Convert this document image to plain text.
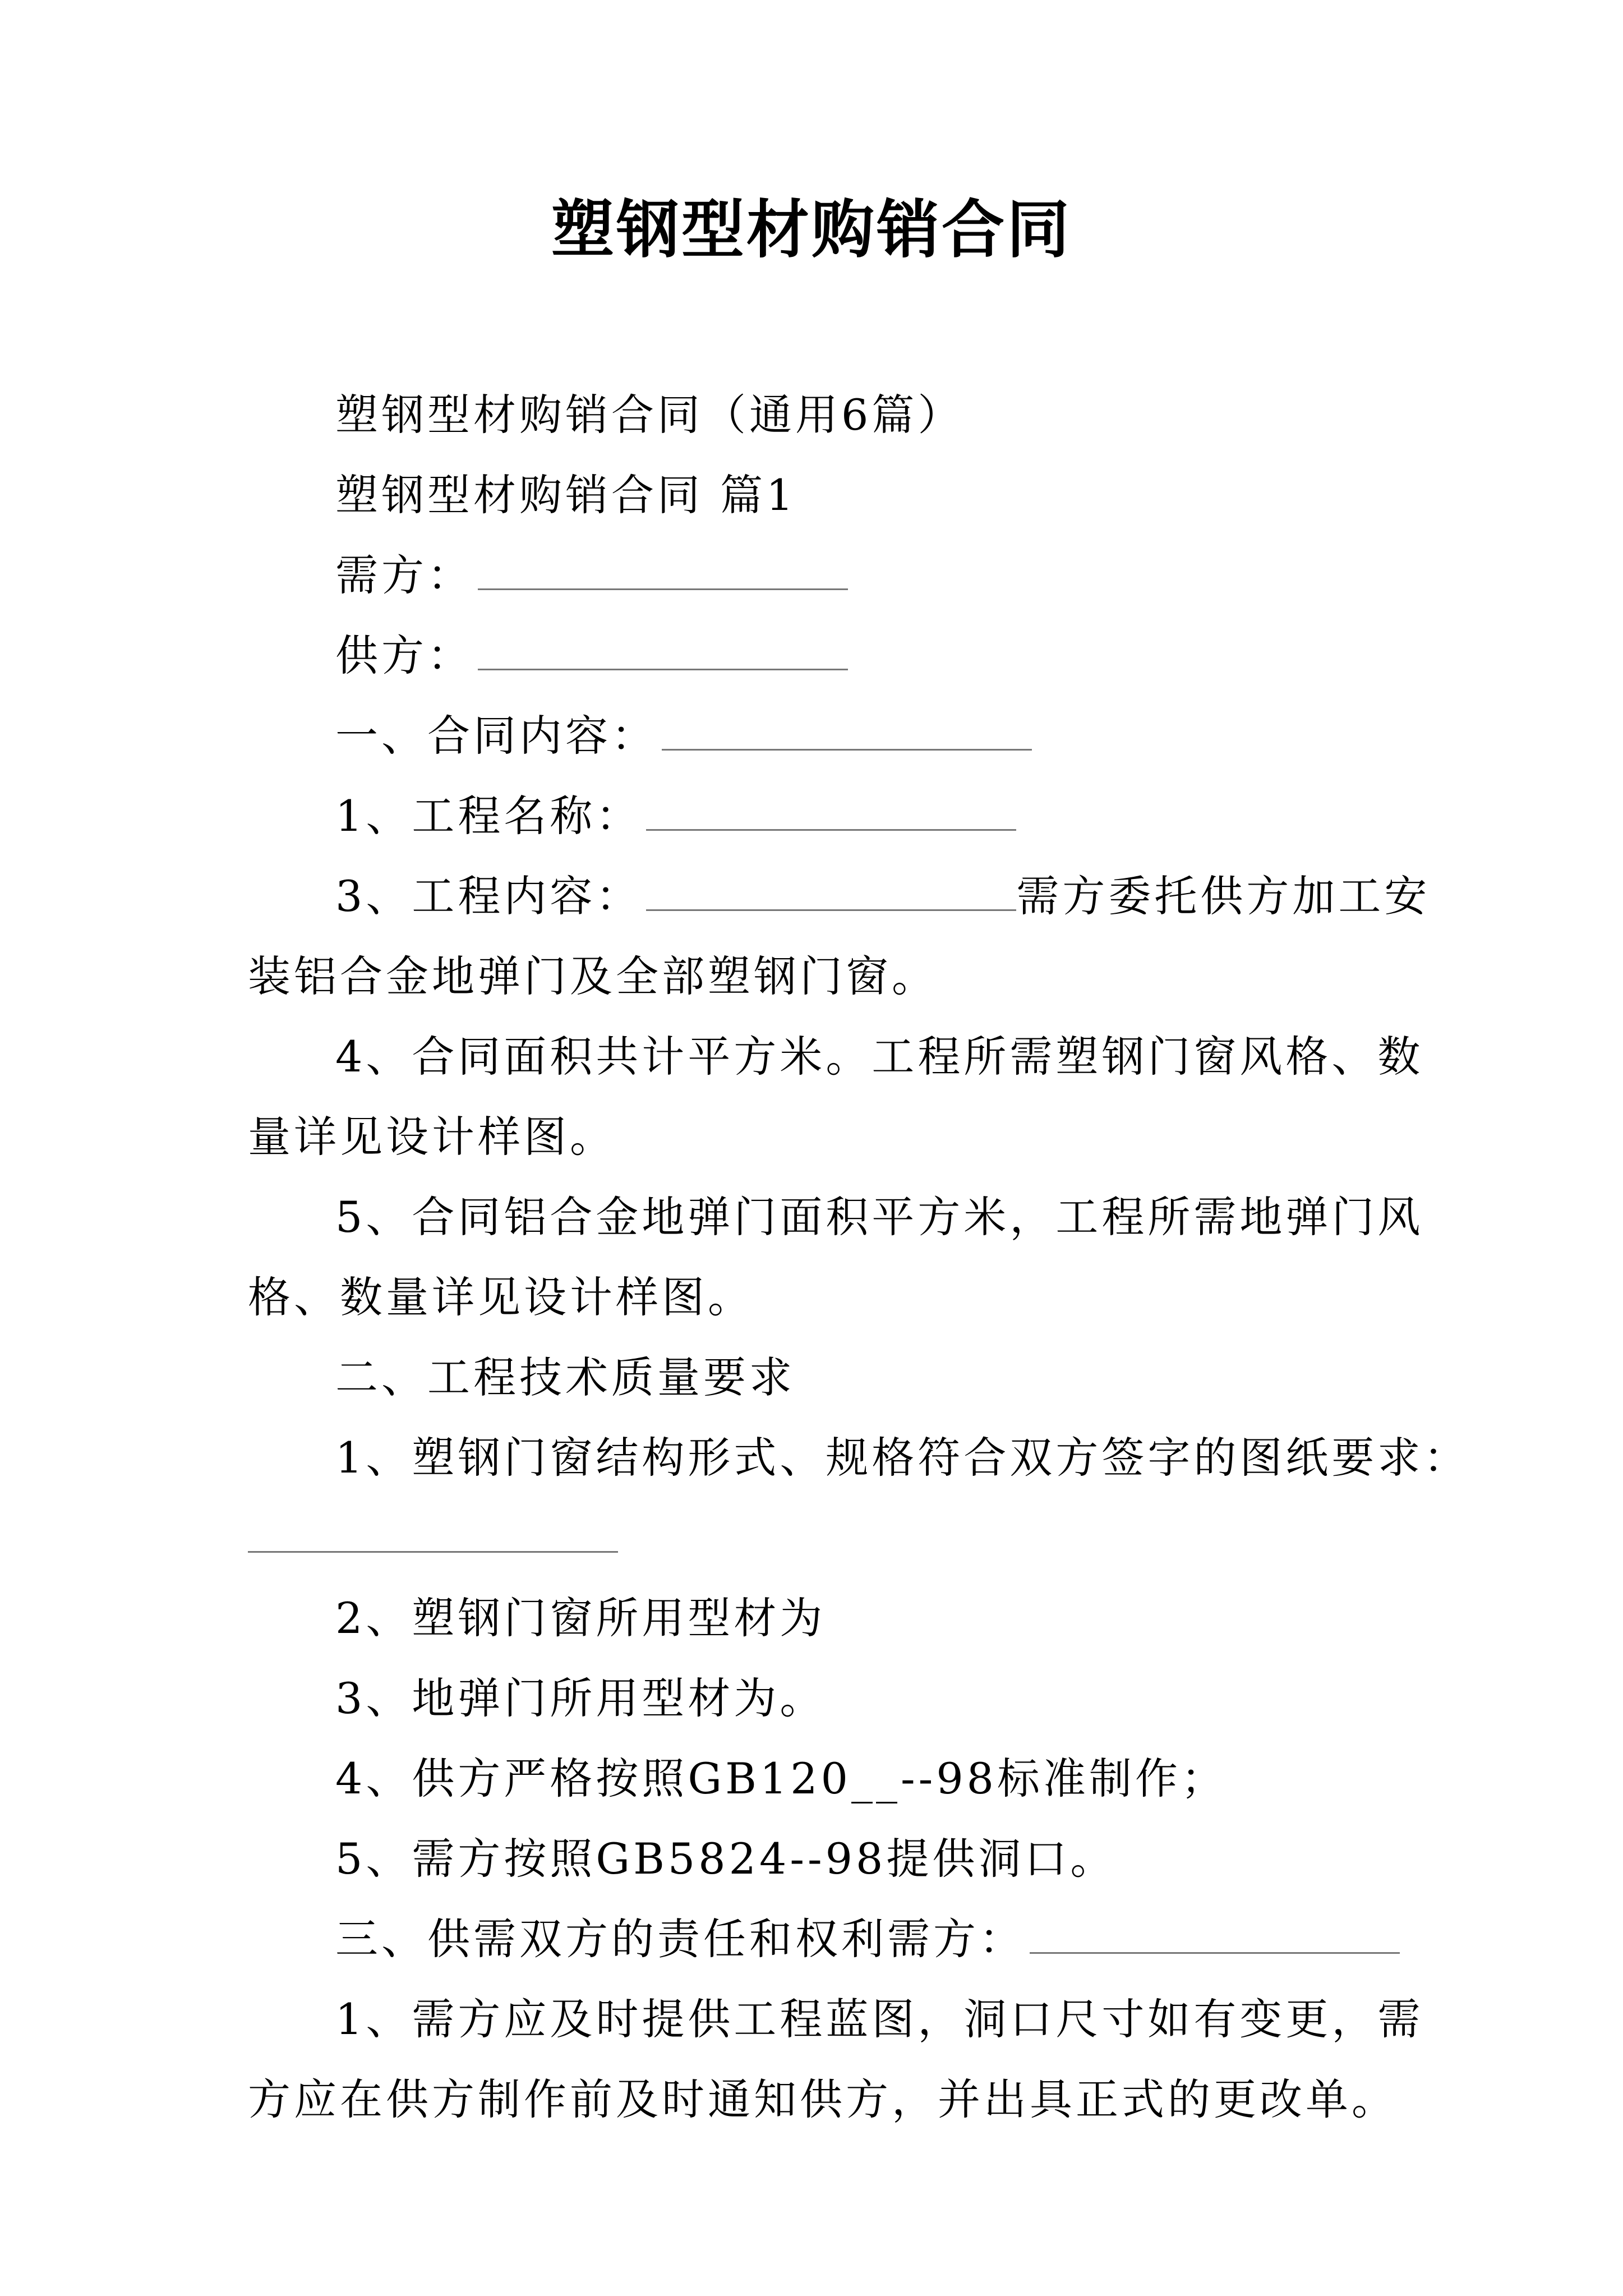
塑钢型材购销合同

塑钢型材购销合同（通用6篇）

塑钢型材购销合同 篇1

需方：

供方：

一、合同内容：

1、工程名称：

3、工程内容：	需方委托供方加工安

装铝合金地弹门及全部塑钢门窗。

4、合同面积共计平方米。工程所需塑钢门窗风格、数

量详见设计样图。

5、合同铝合金地弹门面积平方米，工程所需地弹门风

格、数量详见设计样图。

二、工程技术质量要求

1、塑钢门窗结构形式、规格符合双方签字的图纸要求：

2、塑钢门窗所用型材为

3、地弹门所用型材为。

4、供方严格按照GB120__--98标准制作；

5、需方按照GB5824--98提供洞口。

三、供需双方的责任和权利需方：

1、需方应及时提供工程蓝图，洞口尺寸如有变更，需

方应在供方制作前及时通知供方，并出具正式的更改单。
